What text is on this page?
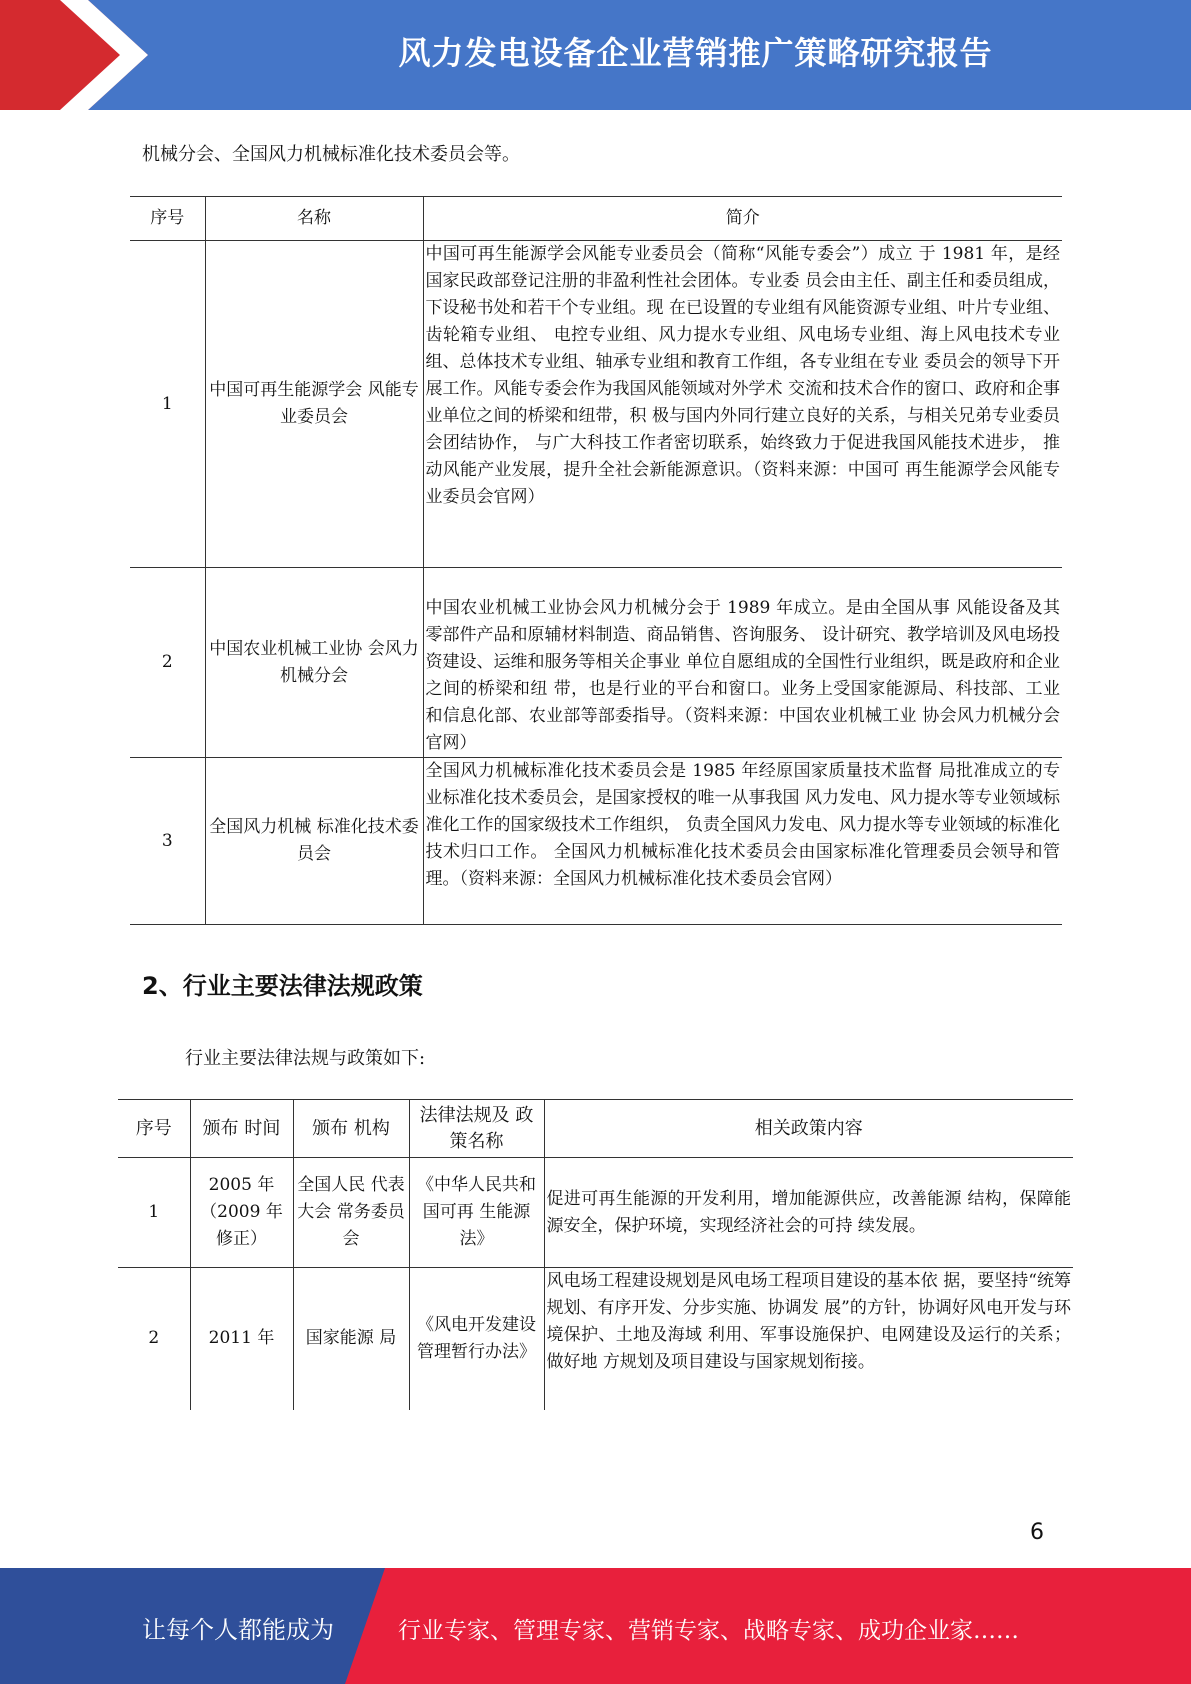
风力发电设备企业营销推广策略研究报告
机械分会、全国风力机械标准化技术委员会等。
序号	名称	简介
1	中国可再生能源学会 风能专业委员会	中国可再生能源学会风能专业委员会（简称“风能专委会”）成立 于 1981 年，是经国家民政部登记注册的非盈利性社会团体。专业委 员会由主任、副主任和委员组成，下设秘书处和若干个专业组。现 在已设置的专业组有风能资源专业组、叶片专业组、齿轮箱专业组、 电控专业组、风力提水专业组、风电场专业组、海上风电技术专业 组、总体技术专业组、轴承专业组和教育工作组，各专业组在专业 委员会的领导下开展工作。风能专委会作为我国风能领域对外学术 交流和技术合作的窗口、政府和企事业单位之间的桥梁和纽带，积 极与国内外同行建立良好的关系，与相关兄弟专业委员会团结协作， 与广大科技工作者密切联系，始终致力于促进我国风能技术进步， 推动风能产业发展，提升全社会新能源意识。（资料来源：中国可 再生能源学会风能专业委员会官网）
2	中国农业机械工业协 会风力机械分会	中国农业机械工业协会风力机械分会于 1989 年成立。是由全国从事 风能设备及其零部件产品和原辅材料制造、商品销售、咨询服务、 设计研究、教学培训及风电场投资建设、运维和服务等相关企事业 单位自愿组成的全国性行业组织，既是政府和企业之间的桥梁和纽 带，也是行业的平台和窗口。业务上受国家能源局、科技部、工业 和信息化部、农业部等部委指导。（资料来源：中国农业机械工业 协会风力机械分会官网）
3	全国风力机械 标准化技术委员会	全国风力机械标准化技术委员会是 1985 年经原国家质量技术监督 局批准成立的专业标准化技术委员会，是国家授权的唯一从事我国 风力发电、风力提水等专业领域标准化工作的国家级技术工作组织， 负责全国风力发电、风力提水等专业领域的标准化技术归口工作。 全国风力机械标准化技术委员会由国家标准化管理委员会领导和管 理。（资料来源：全国风力机械标准化技术委员会官网）
2、行业主要法律法规政策
行业主要法律法规与政策如下:
序号	颁布 时间	颁布 机构	法律法规及 政策名称	相关政策内容
1	2005 年（2009 年修正）	全国人民 代表大会 常务委员 会	《中华人民共和国可再 生能源法》	促进可再生能源的开发利用，增加能源供应，改善能源 结构，保障能源安全，保护环境，实现经济社会的可持 续发展。
2	2011 年	国家能源 局	《风电开发建设管理暂行办法》	风电场工程建设规划是风电场工程项目建设的基本依 据，要坚持“统筹规划、有序开发、分步实施、协调发 展”的方针，协调好风电开发与环境保护、土地及海域 利用、军事设施保护、电网建设及运行的关系；做好地 方规划及项目建设与国家规划衔接。
6
让每个人都能成为	行业专家、管理专家、营销专家、战略专家、成功企业家……
